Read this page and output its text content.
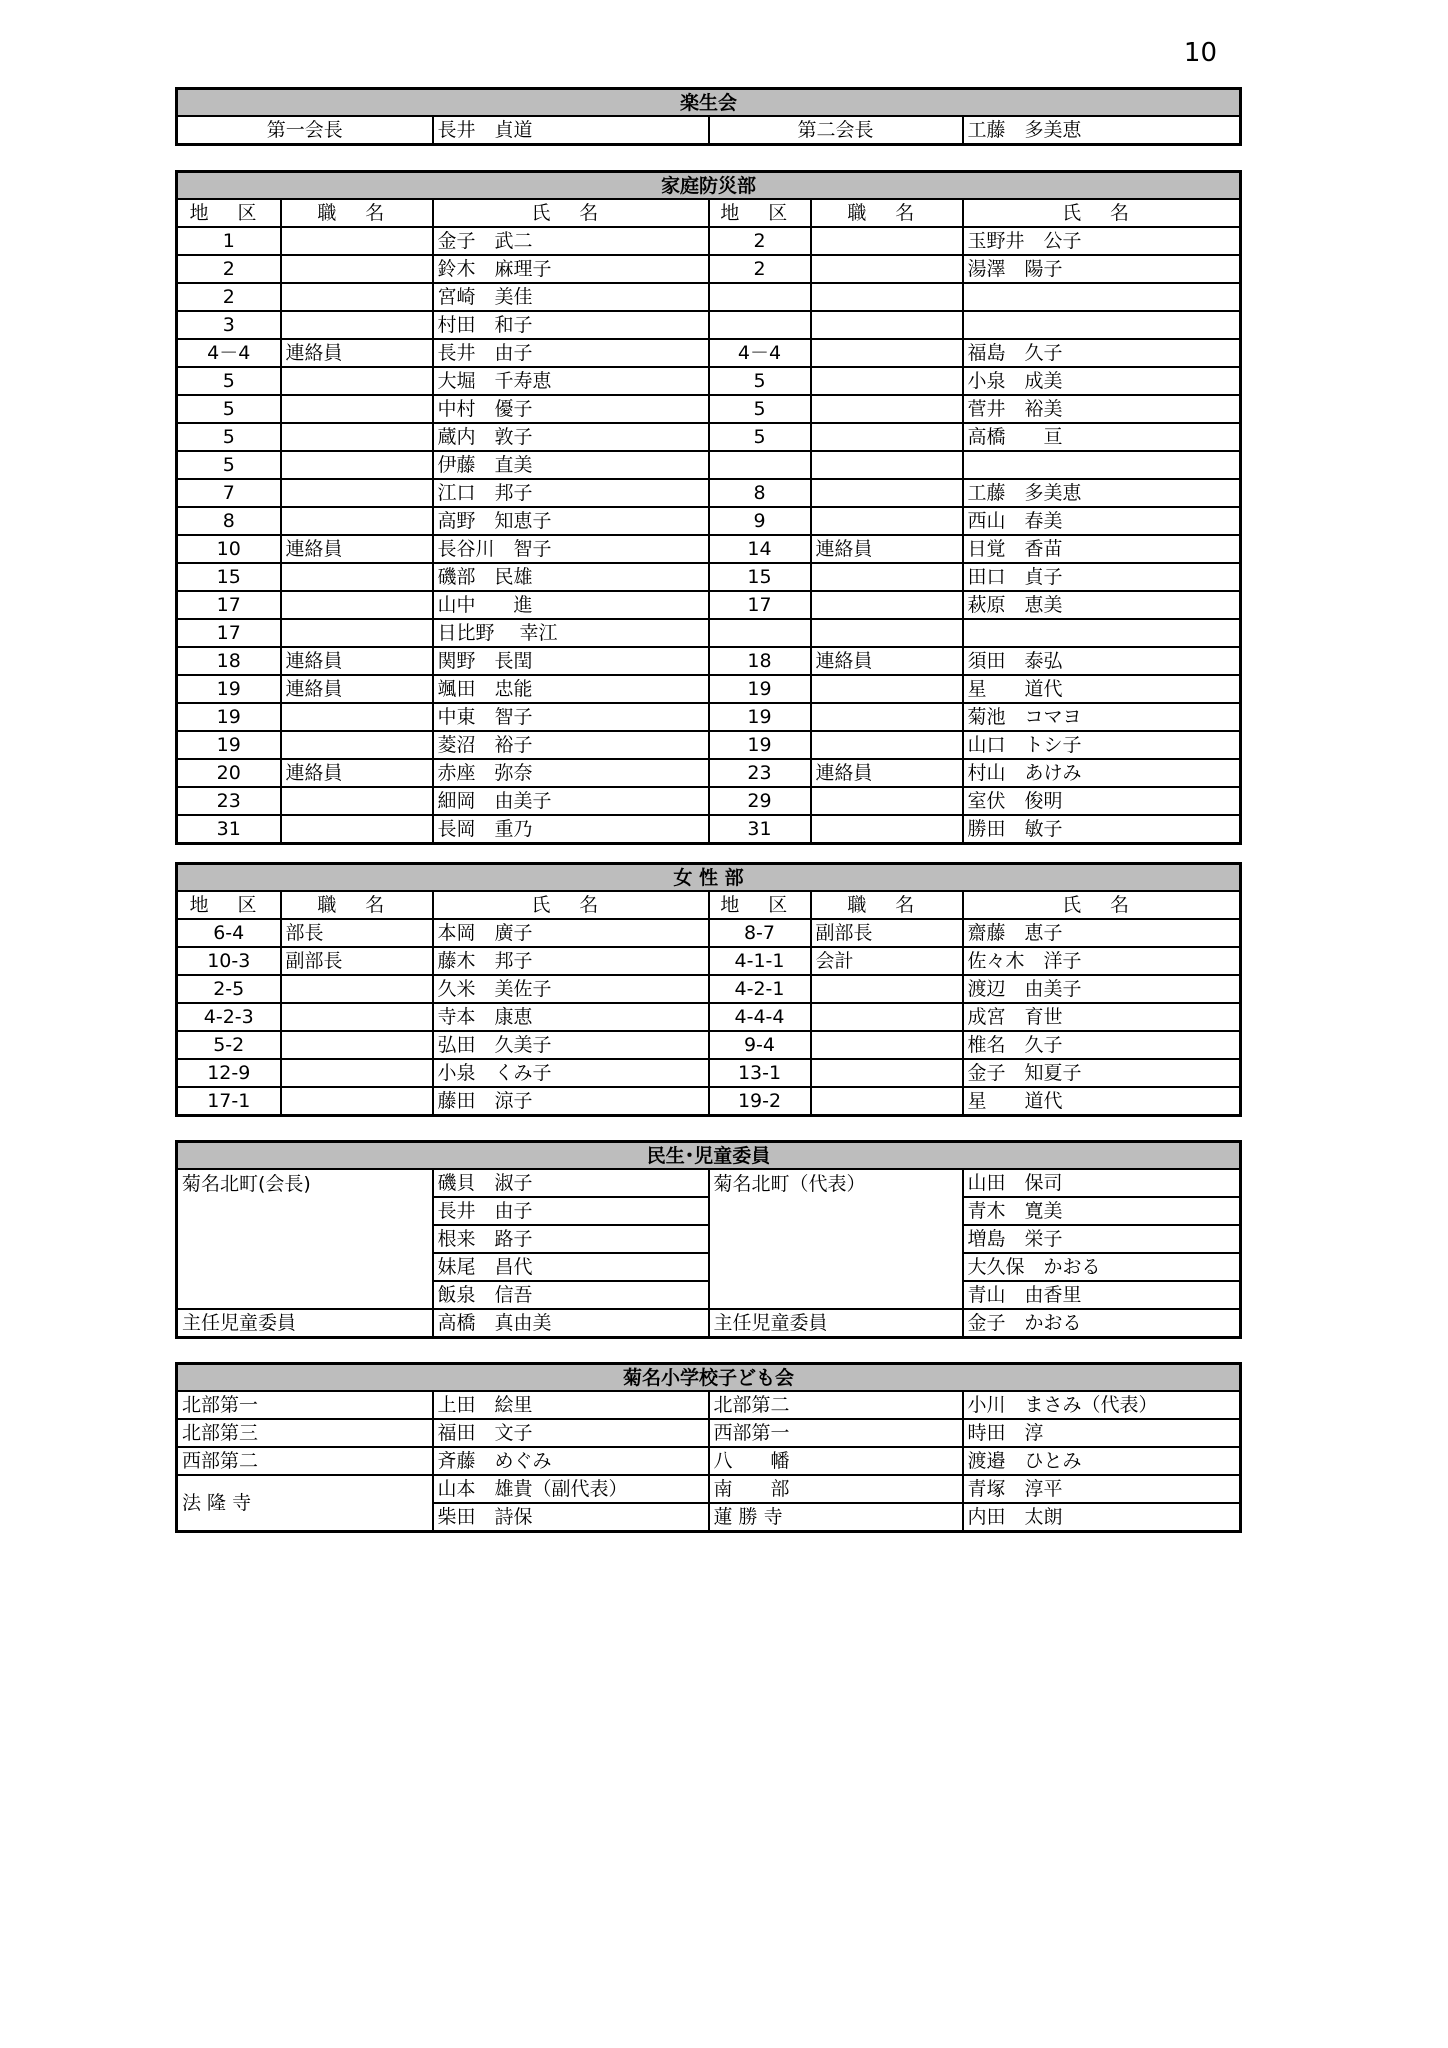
10
楽生会
第一会長	長井　貞道	第二会長	工藤　多美恵
家庭防災部					
地 区	職 名	氏 名	地 区	職 名	氏 名
1		金子　武二	2		玉野井　公子
2		鈴木　麻理子	2		湯澤　陽子
2		宮崎　美佳			
3		村田　和子			
4－4	連絡員	長井　由子	4－4		福島　久子
5		大堀　千寿恵	5		小泉　成美
5		中村　優子	5		菅井　裕美
5		蔵内　敦子	5		高橋　　亘
5		伊藤　直美			
7		江口　邦子	8		工藤　多美恵
8		高野　知恵子	9		西山　春美
10	連絡員	長谷川　智子	14	連絡員	日覚　香苗
15		磯部　民雄	15		田口　貞子
17		山中　　進	17		萩原　恵美
17		日比野　 幸江			
18	連絡員	関野　長閏	18	連絡員	須田　泰弘
19	連絡員	颯田　忠能	19		星　　道代
19		中東　智子	19		菊池　コマヨ
19		菱沼　裕子	19		山口　トシ子
20	連絡員	赤座　弥奈	23	連絡員	村山　あけみ
23		細岡　由美子	29		室伏　俊明
31		長岡　重乃	31		勝田　敏子
女 性 部					
地 区	職 名	氏 名	地 区	職 名	氏 名
6-4	部長	本岡　廣子	8-7	副部長	齋藤　恵子
10-3	副部長	藤木　邦子	4-1-1	会計	佐々木　洋子
2-5		久米　美佐子	4-2-1		渡辺　由美子
4-2-3		寺本　康恵	4-4-4		成宮　育世
5-2		弘田　久美子	9-4		椎名　久子
12-9		小泉　くみ子	13-1		金子　知夏子
17-1		藤田　涼子	19-2		星　　道代
民生･児童委員			
菊名北町(会長)	磯貝　淑子	菊名北町（代表）	山田　保司
	長井　由子		青木　寛美
	根来　路子		増島　栄子
	妹尾　昌代		大久保　かおる
	飯泉　信吾		青山　由香里
主任児童委員	高橋　真由美	主任児童委員	金子　かおる
菊名小学校子ども会			
北部第一	上田　絵里	北部第二	小川　まさみ（代表）
北部第三	福田　文子	西部第一	時田　淳
西部第二	斉藤　めぐみ	八　　幡	渡邉　ひとみ
法 隆 寺	山本　雄貴（副代表）	南　　部	青塚　淳平
	柴田　詩保	蓮 勝 寺	内田　太朗
